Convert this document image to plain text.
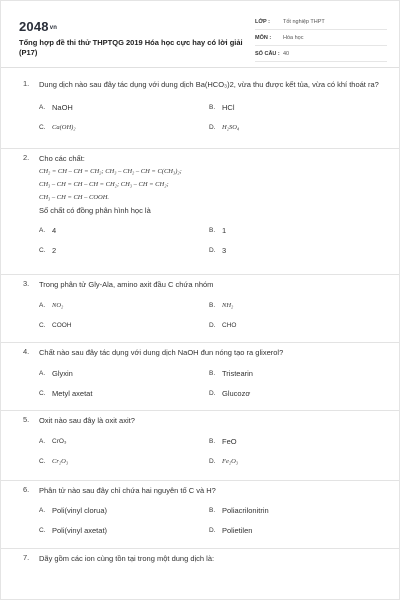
2048vn
Tổng hợp đề thi thử THPTQG 2019 Hóa học cực hay có lời giải (P17)
LỚP :	Tốt nghiệp THPT
MÔN :	Hóa học
SỐ CÂU : 40
1.	Dung dịch nào sau đây tác dụng với dung dịch Ba(HCO₃)2, vừa thu được kết tủa, vừa có khí thoát ra?
A. NaOH	B. HCl
C.	Ca(OH)₂	D.	H₂SO₄
2.	Cho các chất:
CH₂ = CH – CH = CH₂; CH₃ – CH₂ – CH = C(CH₃)₂;
CH₃ – CH = CH – CH = CH₂; CH₃ – CH = CH₂;
CH₃ – CH = CH – COOH.
Số chất có đồng phân hình học là
A. 4	B. 1
C. 2	D. 3
3.	Trong phân tử Gly-Ala, amino axit đầu C chứa nhóm
A.	NO₂	B.	NH₂
C.	COOH	D.	CHO
4.	Chất nào sau đây tác dụng với dung dịch NaOH đun nóng tạo ra glixerol?
A. Glyxin	B. Tristearin
C. Metyl axetat	D. Glucozơ
5.	Oxit nào sau đây là oxit axit?
A.	CrO₃	B. FeO
C.	Cr₂O₃	D.	Fe₂O₃
6.	Phân tử nào sau đây chỉ chứa hai nguyên tố C và H?
A. Poli(vinyl clorua)	B. Poliacrilonitrin
C. Poli(vinyl axetat)	D. Polietilen
7.	Dãy gồm các ion cùng tồn tại trong một dung dịch là:
